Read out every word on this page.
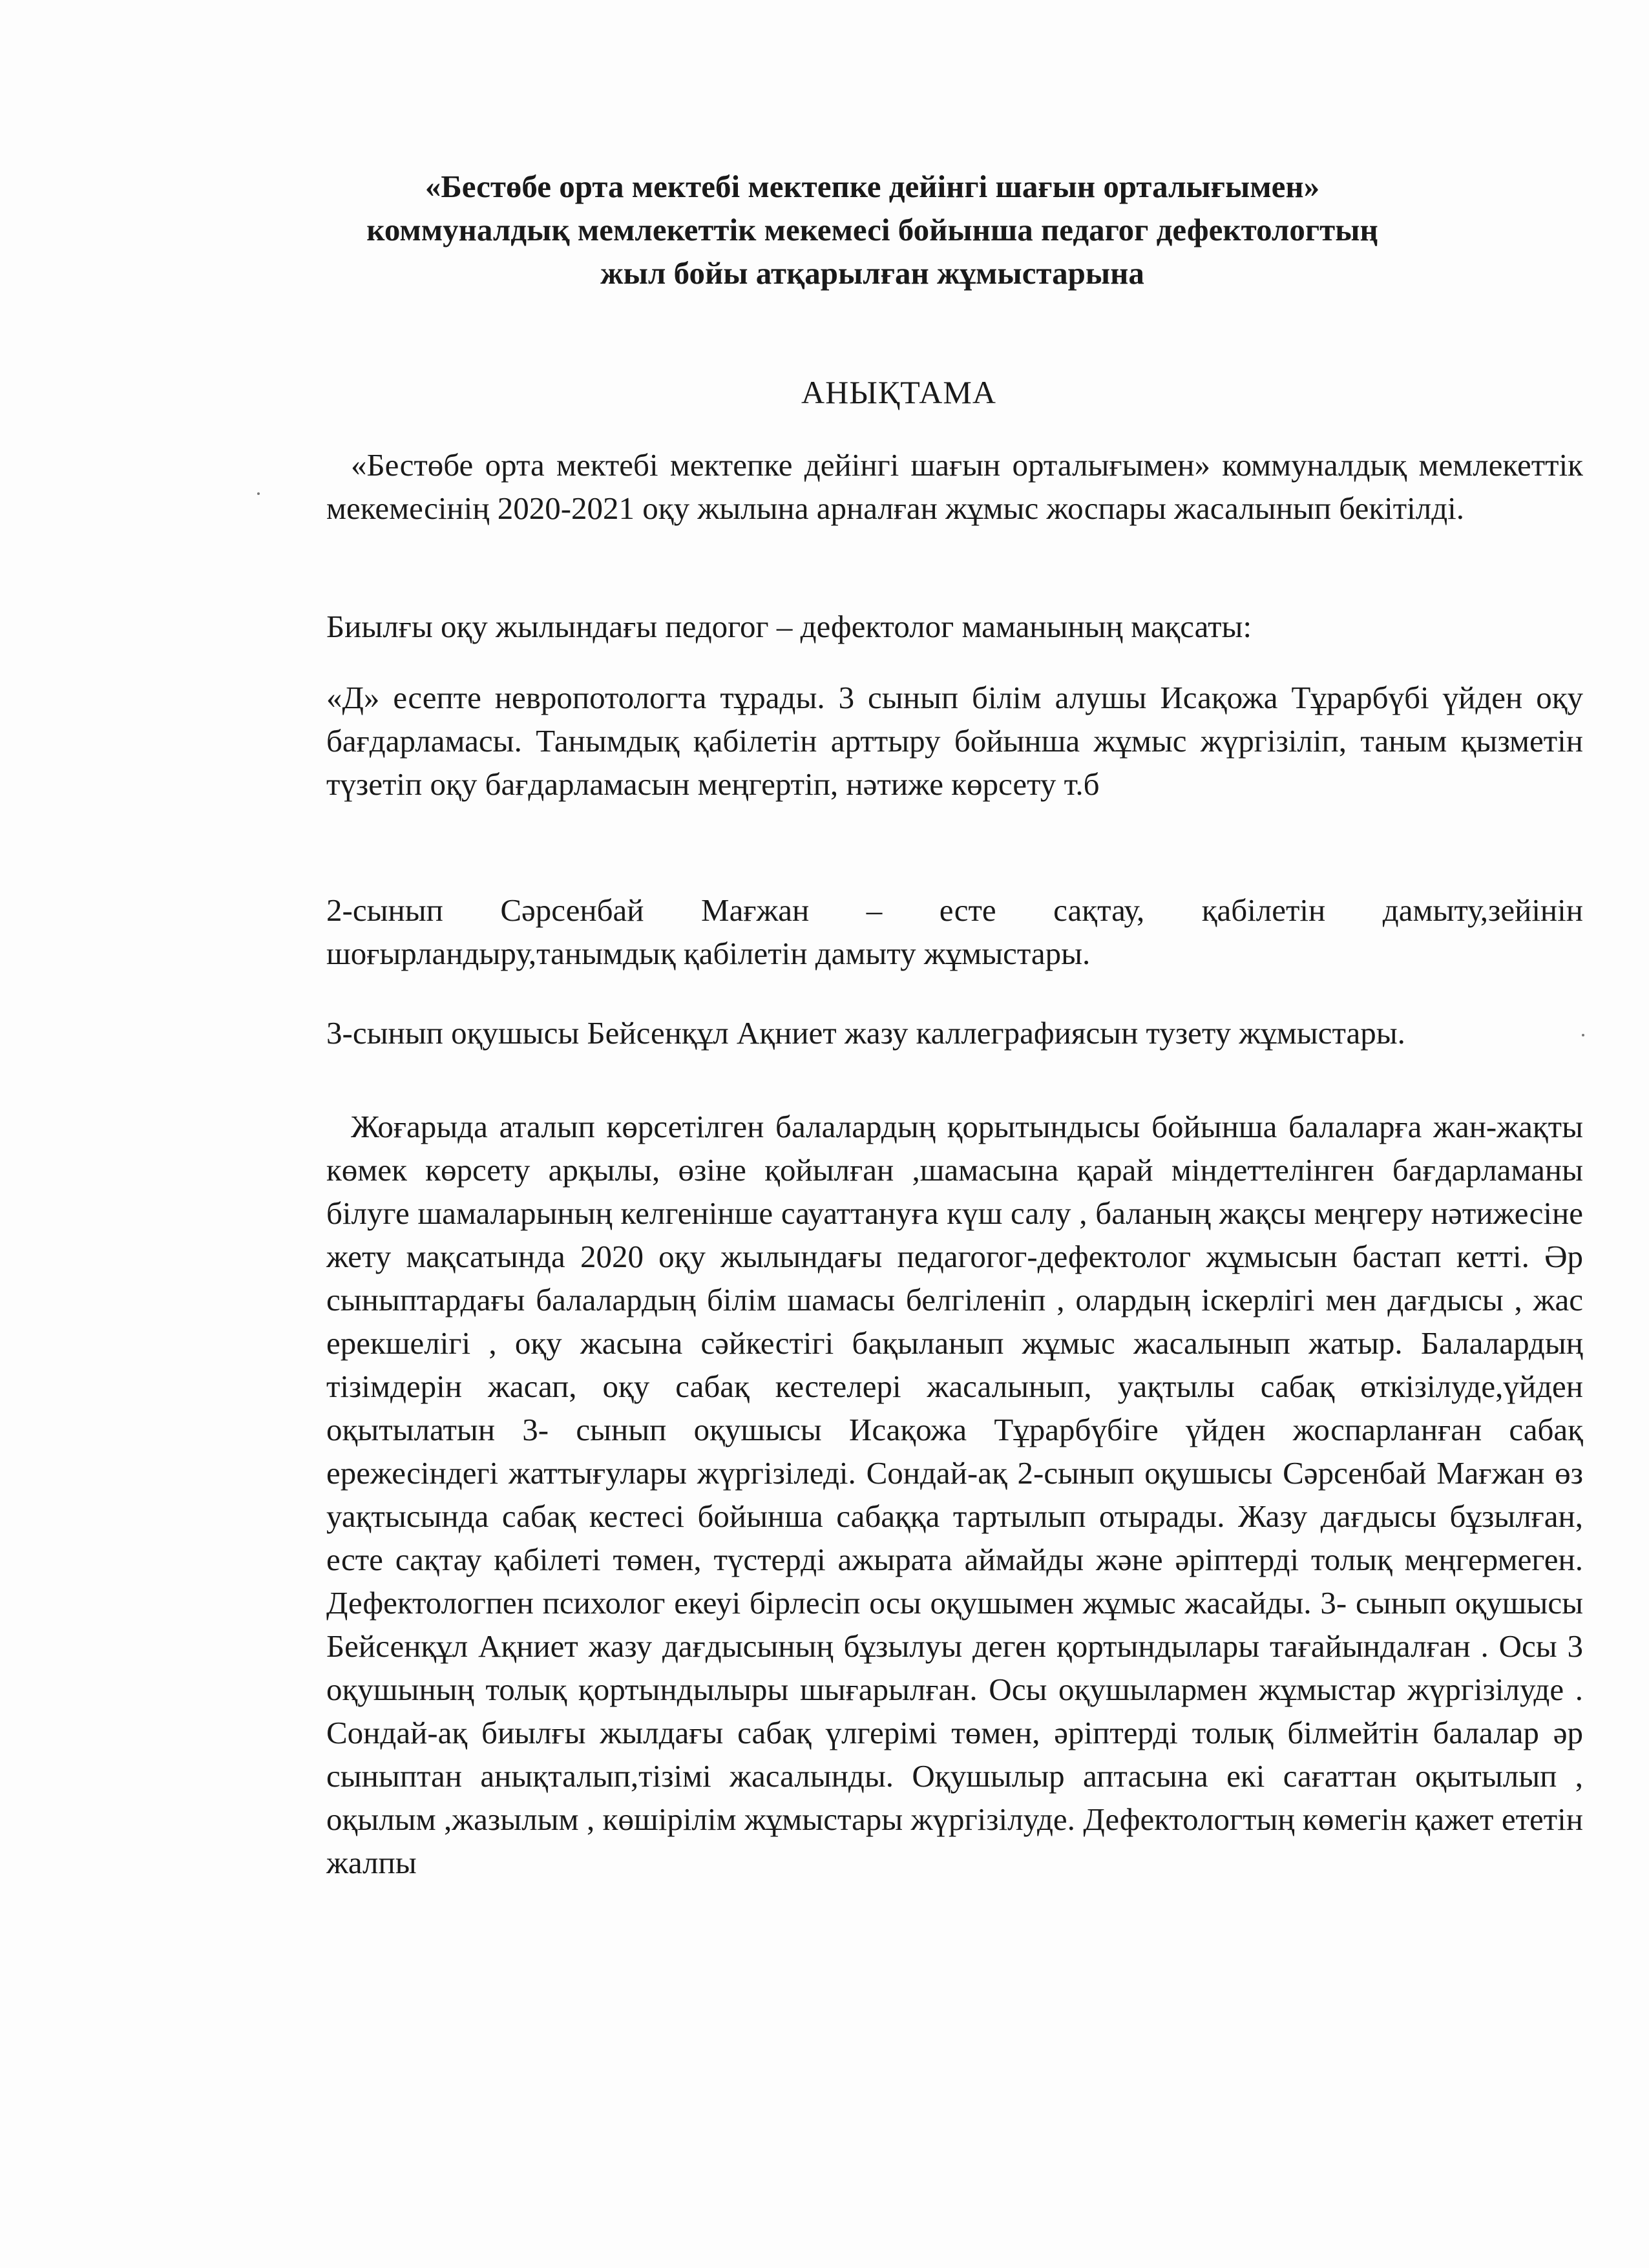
«Бестөбе орта мектебі мектепке дейінгі шағын орталығымен»
коммуналдық мемлекеттік мекемесі бойынша педагог дефектологтың
жыл бойы атқарылған жұмыстарына
АНЫҚТАМА
«Бестөбе орта мектебі мектепке дейінгі шағын орталығымен» коммуналдық мемлекеттік мекемесінің 2020-2021 оқу жылына арналған жұмыс жоспары жасалынып бекітілді.
Биылғы оқу жылындағы педогог – дефектолог маманының мақсаты:
«Д» есепте невропотологта тұрады. 3 сынып білім алушы Исақожа Тұрарбүбі үйден оқу бағдарламасы. Танымдық қабілетін арттыру бойынша жұмыс жүргізіліп, таным қызметін түзетіп оқу бағдарламасын меңгертіп, нәтиже көрсету т.б
2-сынып Сәрсенбай Мағжан – есте сақтау, қабілетін дамыту,зейінін шоғырландыру,танымдық қабілетін дамыту жұмыстары.
3-сынып оқушысы Бейсенқұл Ақниет жазу каллеграфиясын тузету жұмыстары.
Жоғарыда аталып көрсетілген балалардың қорытындысы бойынша балаларға жан-жақты көмек көрсету арқылы, өзіне қойылған ,шамасына қарай міндеттелінген бағдарламаны білуге шамаларының келгенінше сауаттануға күш салу , баланың жақсы меңгеру нәтижесіне жету мақсатында 2020 оқу жылындағы педагогог-дефектолог жұмысын бастап кетті. Әр сыныптардағы балалардың білім шамасы белгіленіп , олардың іскерлігі мен дағдысы , жас ерекшелігі , оқу жасына сәйкестігі бақыланып жұмыс жасалынып жатыр. Балалардың тізімдерін жасап, оқу сабақ кестелері жасалынып, уақтылы сабақ өткізілуде,үйден оқытылатын 3- сынып оқушысы Исақожа Тұрарбүбіге үйден жоспарланған сабақ ережесіндегі жаттығулары жүргізіледі. Сондай-ақ 2-сынып оқушысы Сәрсенбай Мағжан өз уақтысында сабақ кестесі бойынша сабаққа тартылып отырады. Жазу дағдысы бұзылған, есте сақтау қабілеті төмен, түстерді ажырата аймайды және әріптерді толық меңгермеген. Дефектологпен психолог екеуі бірлесіп осы оқушымен жұмыс жасайды. 3- сынып оқушысы Бейсенқұл Ақниет жазу дағдысының бұзылуы деген қортындылары тағайындалған . Осы 3 оқушының толық қортындылыры шығарылған. Осы оқушылармен жұмыстар жүргізілуде . Сондай-ақ биылғы жылдағы сабақ үлгерімі төмен, әріптерді толық білмейтін балалар әр сыныптан анықталып,тізімі жасалынды. Оқушылыр аптасына екі сағаттан оқытылып , оқылым ,жазылым , көшірілім жұмыстары жүргізілуде. Дефектологтың көмегін қажет ететін жалпы
